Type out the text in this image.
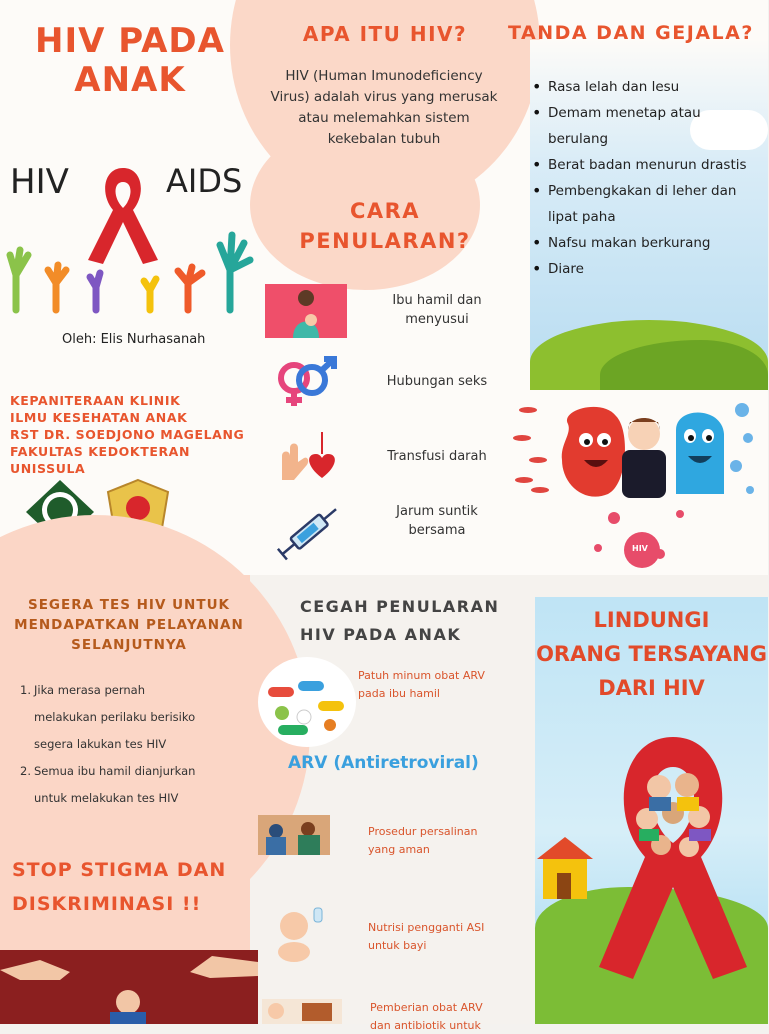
HIV PADA
ANAK
HIV	AIDS
Oleh: Elis Nurhasanah
KEPANITERAAN KLINIK
ILMU KESEHATAN ANAK
RST DR. SOEDJONO MAGELANG
FAKULTAS KEDOKTERAN UNISSULA
APA ITU HIV?
HIV (Human Imunodeficiency Virus) adalah virus yang merusak atau melemahkan sistem kekebalan tubuh
CARA
PENULARAN?
Ibu hamil dan menyusui
Hubungan seks
Transfusi darah
Jarum suntik bersama
TANDA DAN GEJALA?
• Rasa lelah dan lesu
• Demam menetap atau berulang
• Berat badan menurun drastis
• Pembengkakan di leher dan lipat paha
• Nafsu makan berkurang
• Diare
HIV
SEGERA TES HIV UNTUK
MENDAPATKAN PELAYANAN
SELANJUTNYA
1. Jika merasa pernah
melakukan perilaku berisiko
segera lakukan tes HIV
2. Semua ibu hamil dianjurkan
untuk melakukan tes HIV
STOP STIGMA DAN
DISKRIMINASI !!
CEGAH PENULARAN
HIV PADA ANAK
Patuh minum obat ARV
pada ibu hamil
ARV (Antiretroviral)
Prosedur persalinan
yang aman
Nutrisi pengganti ASI
untuk bayi
Pemberian obat ARV
dan antibiotik untuk
LINDUNGI
ORANG TERSAYANG
DARI HIV
